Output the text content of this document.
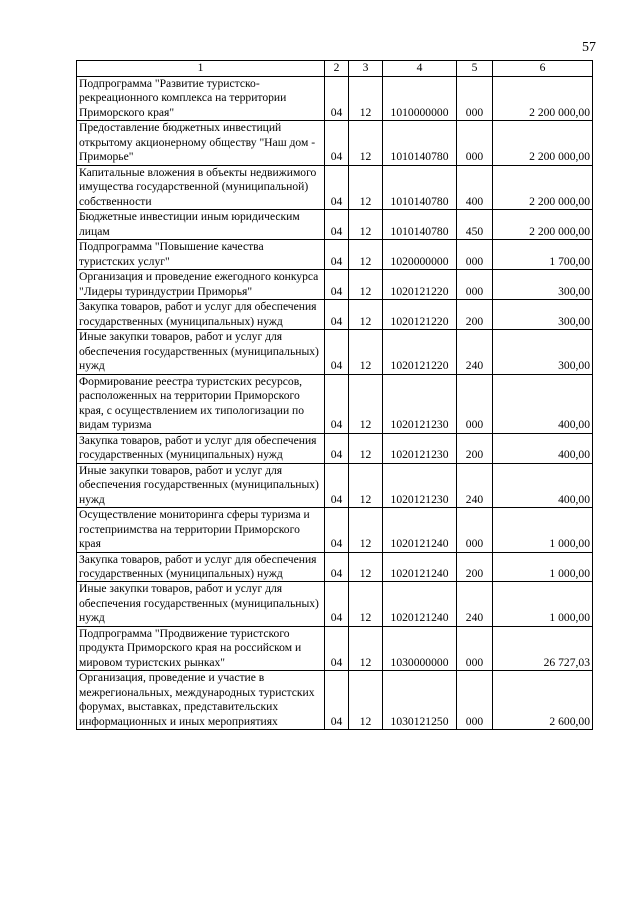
57
1	2	3	4	5	6
Подпрограмма "Развитие туристско-рекреационного комплекса на территории Приморского края"	04	12	1010000000	000	2 200 000,00
Предоставление бюджетных инвестиций открытому акционерному обществу "Наш дом - Приморье"	04	12	1010140780	000	2 200 000,00
Капитальные вложения в объекты недвижимого имущества государственной (муниципальной) собственности	04	12	1010140780	400	2 200 000,00
Бюджетные инвестиции иным юридическим лицам	04	12	1010140780	450	2 200 000,00
Подпрограмма "Повышение качества туристских услуг"	04	12	1020000000	000	1 700,00
Организация и проведение ежегодного конкурса "Лидеры туриндустрии Приморья"	04	12	1020121220	000	300,00
Закупка товаров, работ и услуг для обеспечения государственных (муниципальных) нужд	04	12	1020121220	200	300,00
Иные закупки товаров, работ и услуг для обеспечения государственных (муниципальных) нужд	04	12	1020121220	240	300,00
Формирование реестра туристских ресурсов, расположенных на территории Приморского края, с осуществлением их типологизации по видам туризма	04	12	1020121230	000	400,00
Закупка товаров, работ и услуг для обеспечения государственных (муниципальных) нужд	04	12	1020121230	200	400,00
Иные закупки товаров, работ и услуг для обеспечения государственных (муниципальных) нужд	04	12	1020121230	240	400,00
Осуществление мониторинга сферы туризма и гостеприимства на территории Приморского края	04	12	1020121240	000	1 000,00
Закупка товаров, работ и услуг для обеспечения государственных (муниципальных) нужд	04	12	1020121240	200	1 000,00
Иные закупки товаров, работ и услуг для обеспечения государственных (муниципальных) нужд	04	12	1020121240	240	1 000,00
Подпрограмма "Продвижение туристского продукта Приморского края на российском и мировом туристских рынках"	04	12	1030000000	000	26 727,03
Организация, проведение и участие в межрегиональных, международных туристских форумах, выставках, представительских информационных и иных мероприятиях	04	12	1030121250	000	2 600,00
